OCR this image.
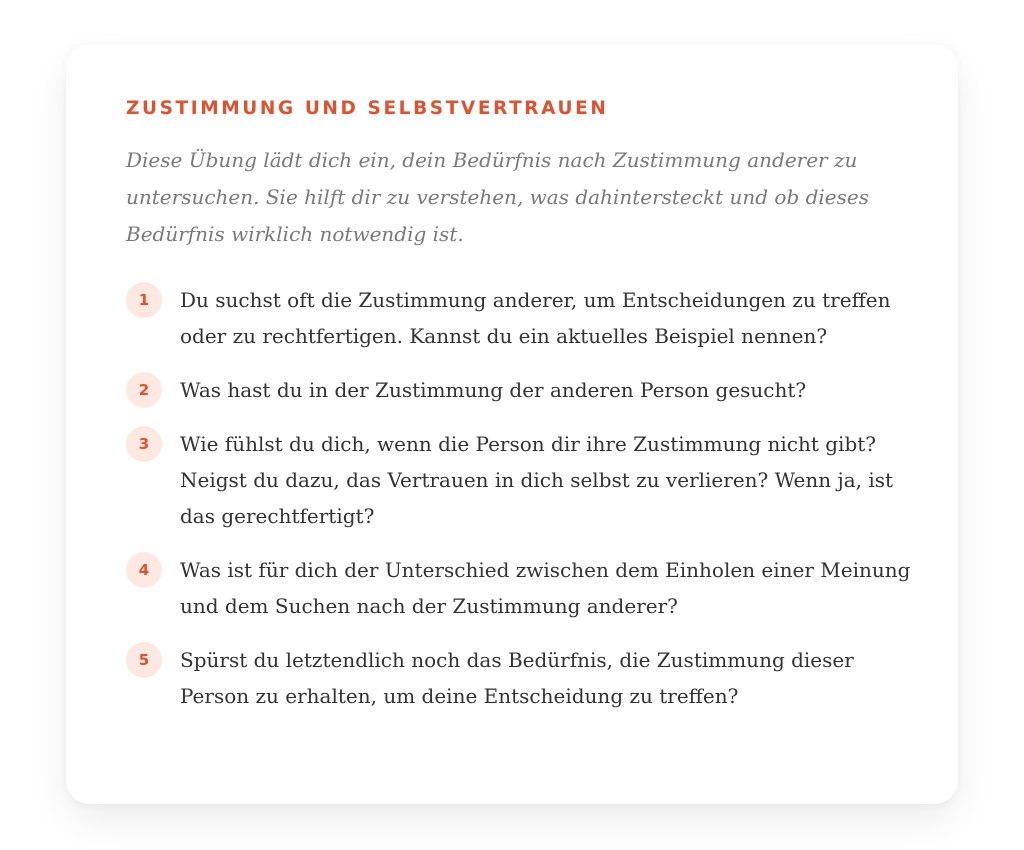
ZUSTIMMUNG UND SELBSTVERTRAUEN
Diese Übung lädt dich ein, dein Bedürfnis nach Zustimmung anderer zu untersuchen. Sie hilft dir zu verstehen, was dahintersteckt und ob dieses Bedürfnis wirklich notwendig ist.
1	Du suchst oft die Zustimmung anderer, um Entscheidungen zu treffen oder zu rechtfertigen. Kannst du ein aktuelles Beispiel nennen?
2	Was hast du in der Zustimmung der anderen Person gesucht?
3	Wie fühlst du dich, wenn die Person dir ihre Zustimmung nicht gibt? Neigst du dazu, das Vertrauen in dich selbst zu verlieren? Wenn ja, ist das gerechtfertigt?
4	Was ist für dich der Unterschied zwischen dem Einholen einer Meinung und dem Suchen nach der Zustimmung anderer?
5	Spürst du letztendlich noch das Bedürfnis, die Zustimmung dieser Person zu erhalten, um deine Entscheidung zu treffen?
